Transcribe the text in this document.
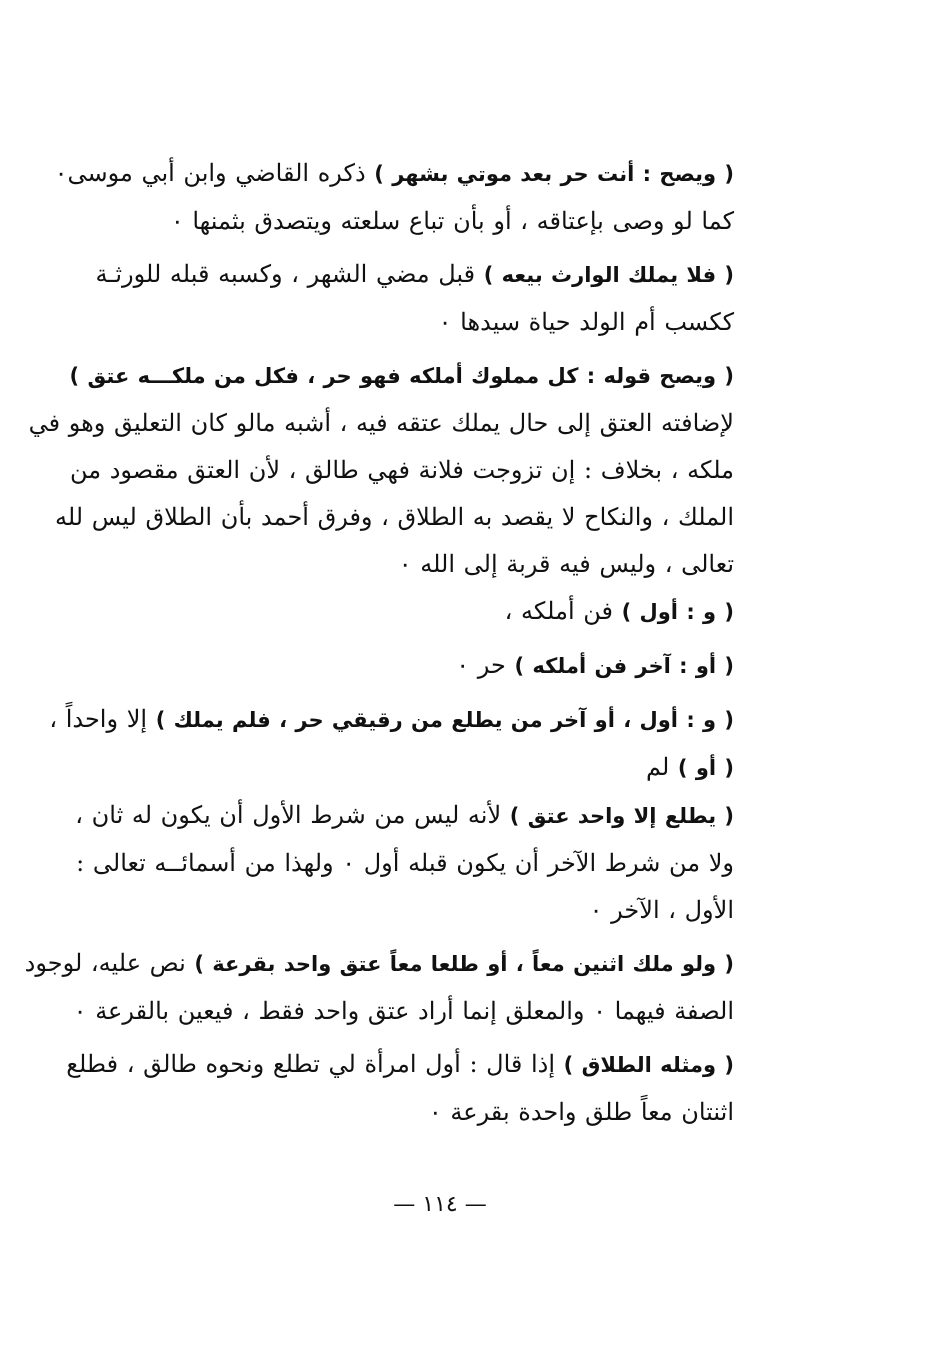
( ويصح : أنت حر بعد موتي بشهر ) ذكره القاضي وابن أبي موسى٠
كما لو وصى بإعتاقه ، أو بأن تباع سلعته ويتصدق بثمنها ٠

( فلا يملك الوارث بيعه ) قبل مضي الشهر ، وكسبه قبله للورثـة
ككسب أم الولد حياة سيدها ٠

( ويصح قوله : كل مملوك أملكه فهو حر ، فكل من ملكـــه عتق )
لإضافته العتق إلى حال يملك عتقه فيه ، أشبه مالو كان التعليق وهو في
ملكه ، بخلاف : إن تزوجت فلانة فهي طالق ، لأن العتق مقصود من
الملك ، والنكاح لا يقصد به الطلاق ، وفرق أحمد بأن الطلاق ليس لله
تعالى ، وليس فيه قربة إلى الله ٠

( و : أول ) فن أملكه ،

( أو : آخر فن أملكه ) حر ٠

( و : أول ، أو آخر من يطلع من رقيقي حر ، فلم يملك ) إلا واحداً ،
( أو ) لم

( يطلع إلا واحد عتق ) لأنه ليس من شرط الأول أن يكون له ثان ،
ولا من شرط الآخر أن يكون قبله أول ٠ ولهذا من أسمائــه تعالى :
الأول ، الآخر ٠

( ولو ملك اثنين معاً ، أو طلعا معاً عتق واحد بقرعة ) نص عليه، لوجود
الصفة فيهما ٠ والمعلق إنما أراد عتق واحد فقط ، فيعين بالقرعة ٠

( ومثله الطلاق ) إذا قال : أول امرأة لي تطلع ونحوه طالق ، فطلع
اثنتان معاً طلق واحدة بقرعة ٠

— ١١٤ —
